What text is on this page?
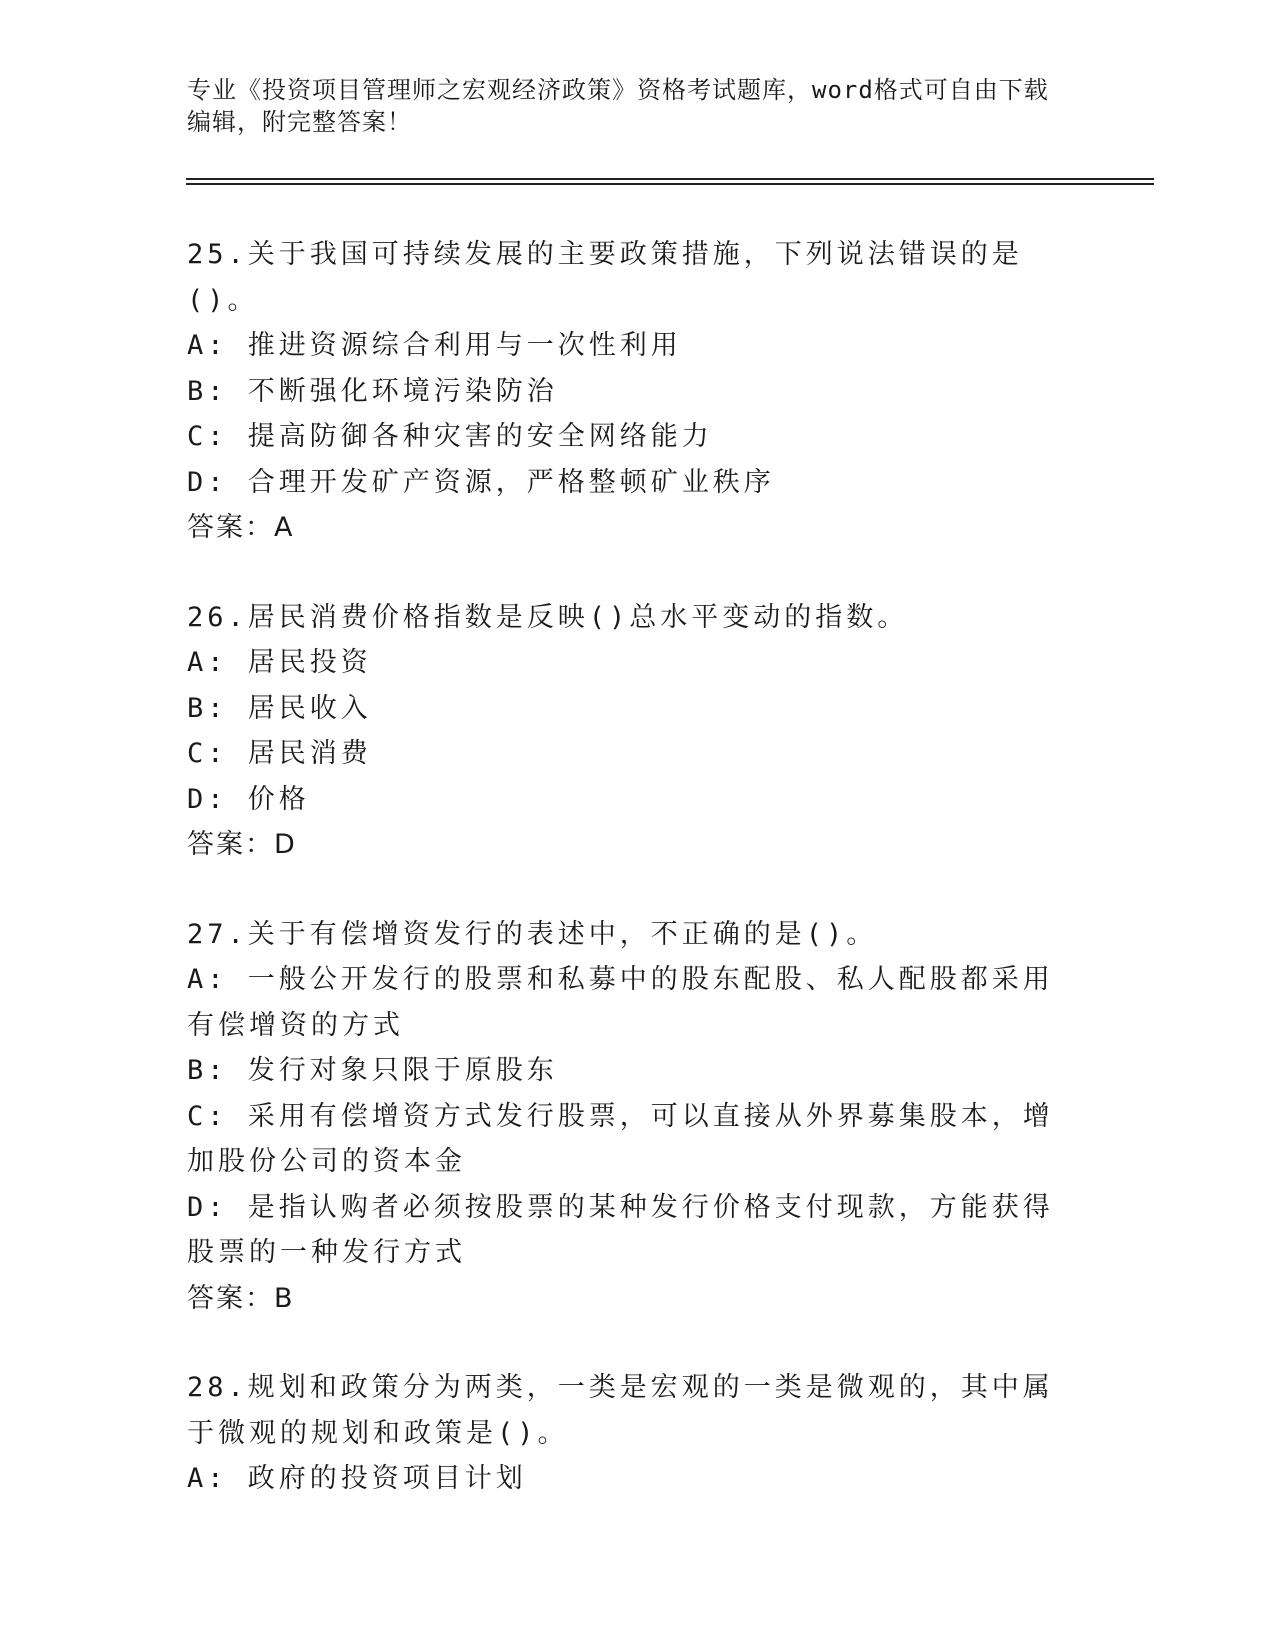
专业《投资项目管理师之宏观经济政策》资格考试题库，word格式可自由下载编辑，附完整答案！

25.关于我国可持续发展的主要政策措施，下列说法错误的是()。

A: 推进资源综合利用与一次性利用

B: 不断强化环境污染防治

C: 提高防御各种灾害的安全网络能力

D: 合理开发矿产资源，严格整顿矿业秩序

答案：A

26.居民消费价格指数是反映()总水平变动的指数。

A: 居民投资

B: 居民收入

C: 居民消费

D: 价格

答案：D

27.关于有偿增资发行的表述中，不正确的是()。

A: 一般公开发行的股票和私募中的股东配股、私人配股都采用有偿增资的方式

B: 发行对象只限于原股东

C: 采用有偿增资方式发行股票，可以直接从外界募集股本，增加股份公司的资本金

D: 是指认购者必须按股票的某种发行价格支付现款，方能获得股票的一种发行方式

答案：B

28.规划和政策分为两类，一类是宏观的一类是微观的，其中属于微观的规划和政策是()。

A: 政府的投资项目计划
